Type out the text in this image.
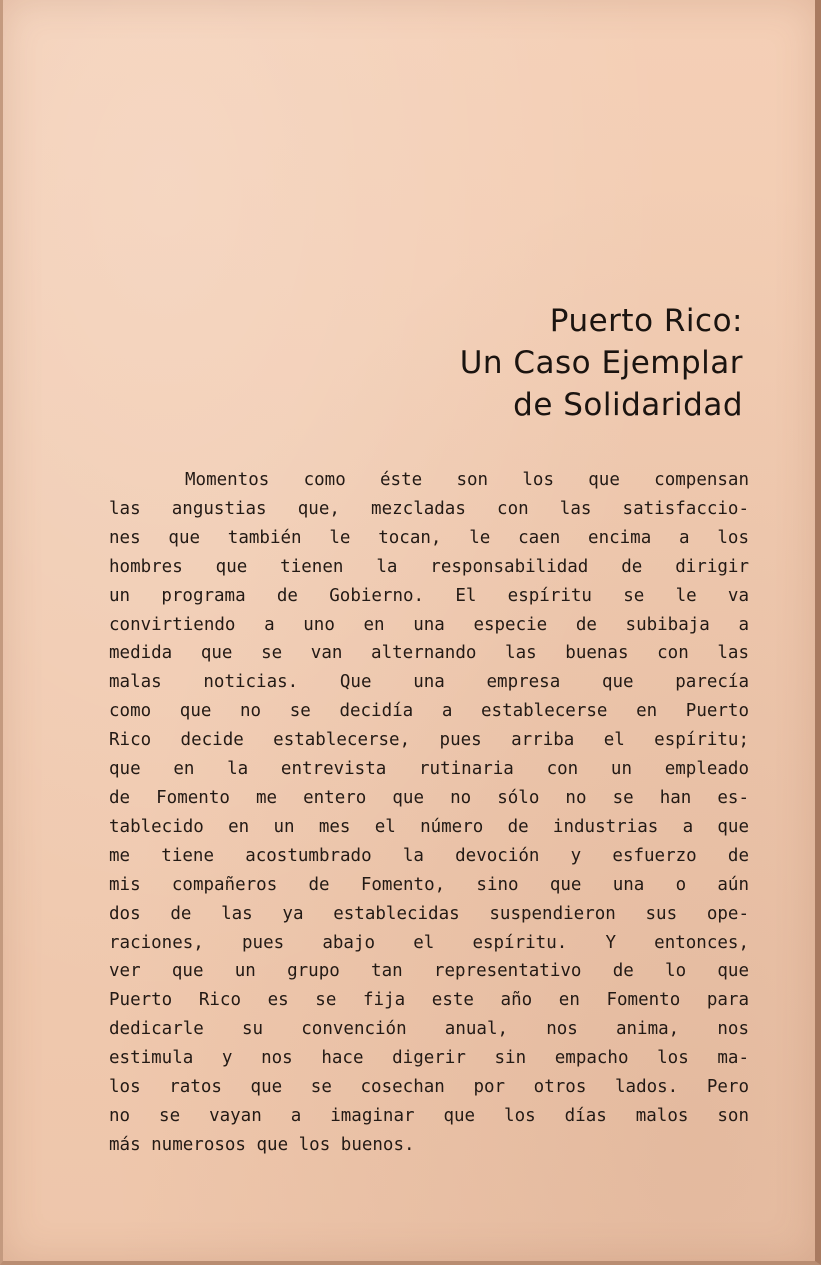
Puerto Rico:
Un Caso Ejemplar
de Solidaridad
Momentos como éste son los que compensan
las angustias que, mezcladas con las satisfaccio-
nes que también le tocan, le caen encima a los
hombres que tienen la responsabilidad de dirigir
un programa de Gobierno. El espíritu se le va
convirtiendo a uno en una especie de subibaja a
medida que se van alternando las buenas con las
malas noticias. Que una empresa que parecía
como que no se decidía a establecerse en Puerto
Rico decide establecerse, pues arriba el espíritu;
que en la entrevista rutinaria con un empleado
de Fomento me entero que no sólo no se han es-
tablecido en un mes el número de industrias a que
me tiene acostumbrado la devoción y esfuerzo de
mis compañeros de Fomento, sino que una o aún
dos de las ya establecidas suspendieron sus ope-
raciones, pues abajo el espíritu. Y entonces,
ver que un grupo tan representativo de lo que
Puerto Rico es se fija este año en Fomento para
dedicarle su convención anual, nos anima, nos
estimula y nos hace digerir sin empacho los ma-
los ratos que se cosechan por otros lados. Pero
no se vayan a imaginar que los días malos son
más numerosos que los buenos.
